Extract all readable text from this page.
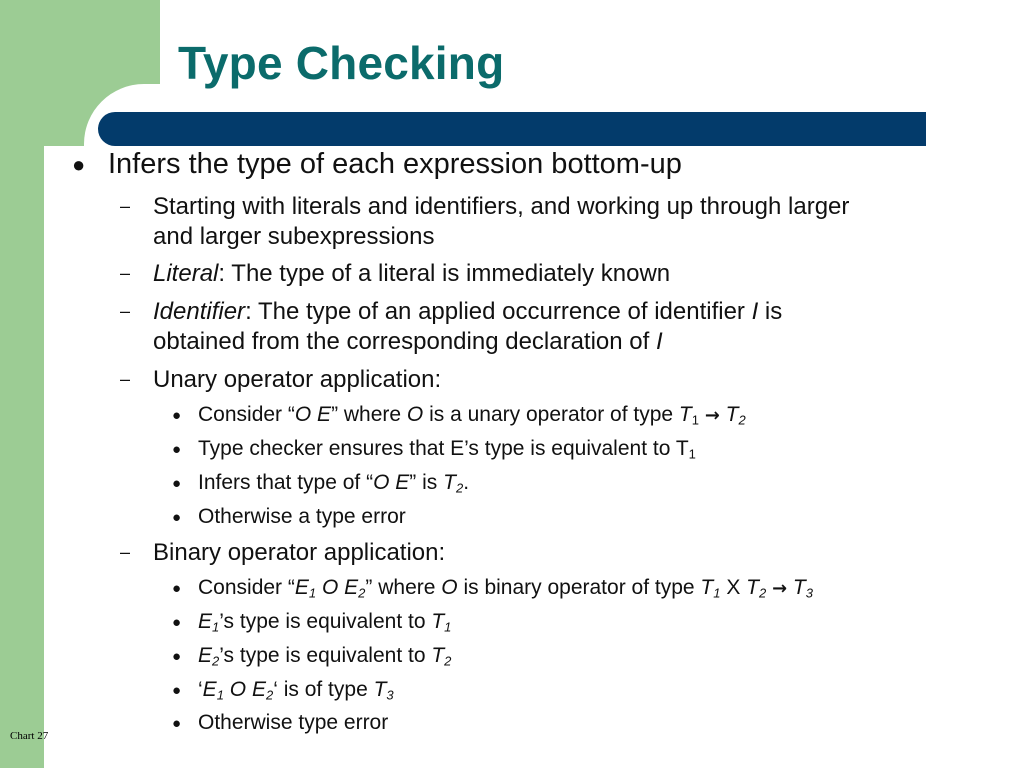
Type Checking
● Infers the type of each expression bottom-up
– Starting with literals and identifiers, and working up through larger
and larger subexpressions
– Literal: The type of a literal is immediately known
– Identifier: The type of an applied occurrence of identifier I is
obtained from the corresponding declaration of I
– Unary operator application:
● Consider “O E” where O is a unary operator of type $T_1 \to T_2$
● Type checker ensures that E’s type is equivalent to $T_1$
● Infers that type of “O E” is $T_2$.
● Otherwise a type error
– Binary operator application:
● Consider “$E_1$ O $E_2$” where O is binary operator of type $T_1$ X $T_2 \to T_3$
● $E_1’s$ type is equivalent to $T_1$
● $E_2’s$ type is equivalent to $T_2$
● ‘$E_1$ O $E_2‘$ is of type $T_3$
● Otherwise type error
Chart 27
